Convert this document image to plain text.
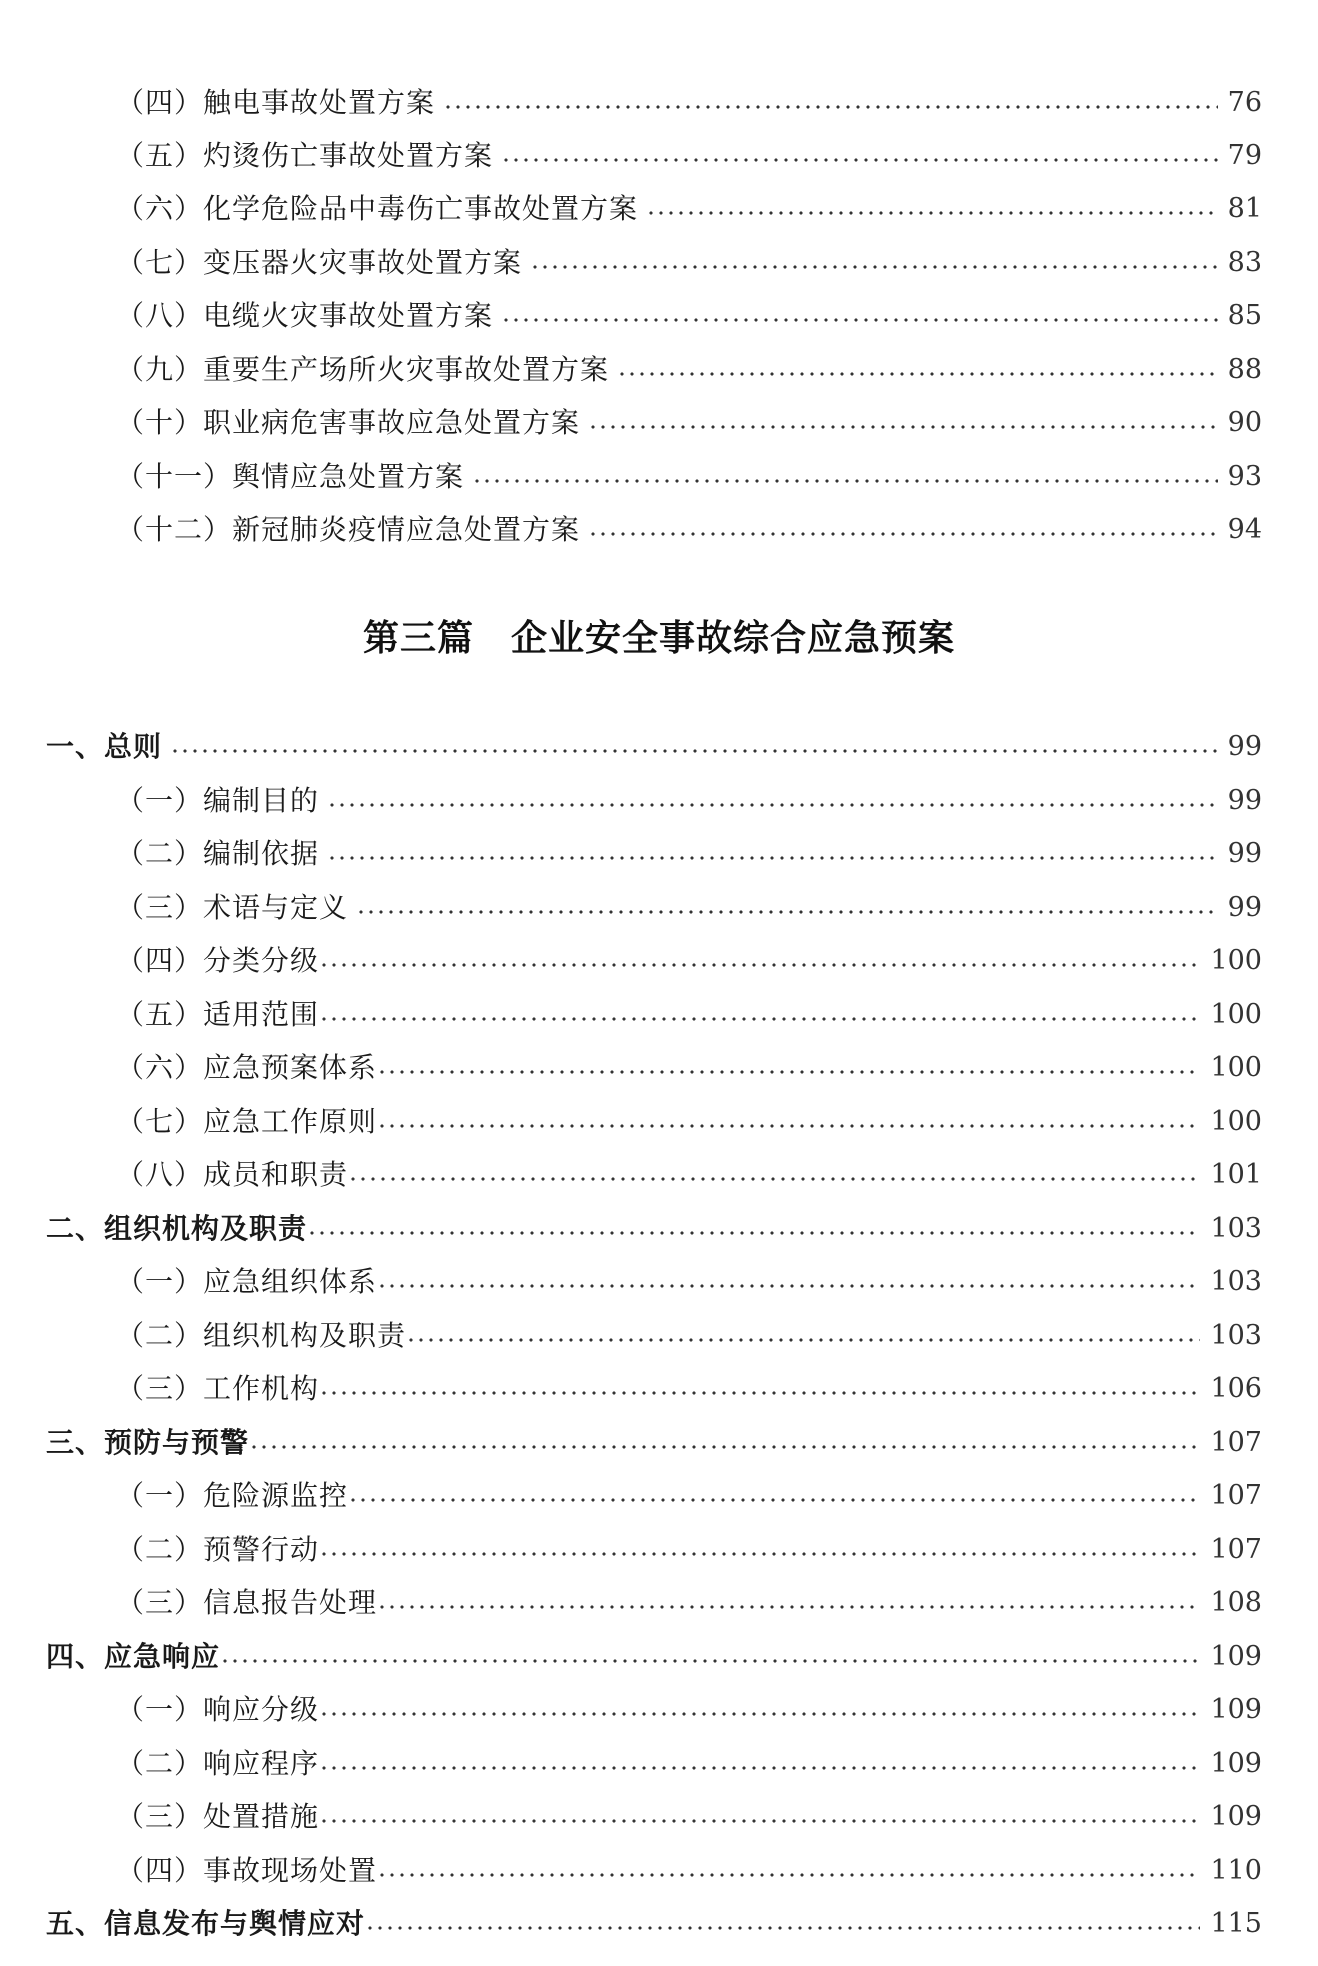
（四）触电事故处置方案	76
（五）灼烫伤亡事故处置方案	79
（六）化学危险品中毒伤亡事故处置方案	81
（七）变压器火灾事故处置方案	83
（八）电缆火灾事故处置方案	85
（九）重要生产场所火灾事故处置方案	88
（十）职业病危害事故应急处置方案	90
（十一）舆情应急处置方案	93
（十二）新冠肺炎疫情应急处置方案	94
第三篇　企业安全事故综合应急预案
一、总则	99
（一）编制目的	99
（二）编制依据	99
（三）术语与定义	99
（四）分类分级	100
（五）适用范围	100
（六）应急预案体系	100
（七）应急工作原则	100
（八）成员和职责	101
二、组织机构及职责	103
（一）应急组织体系	103
（二）组织机构及职责	103
（三）工作机构	106
三、预防与预警	107
（一）危险源监控	107
（二）预警行动	107
（三）信息报告处理	108
四、应急响应	109
（一）响应分级	109
（二）响应程序	109
（三）处置措施	109
（四）事故现场处置	110
五、信息发布与舆情应对	115
